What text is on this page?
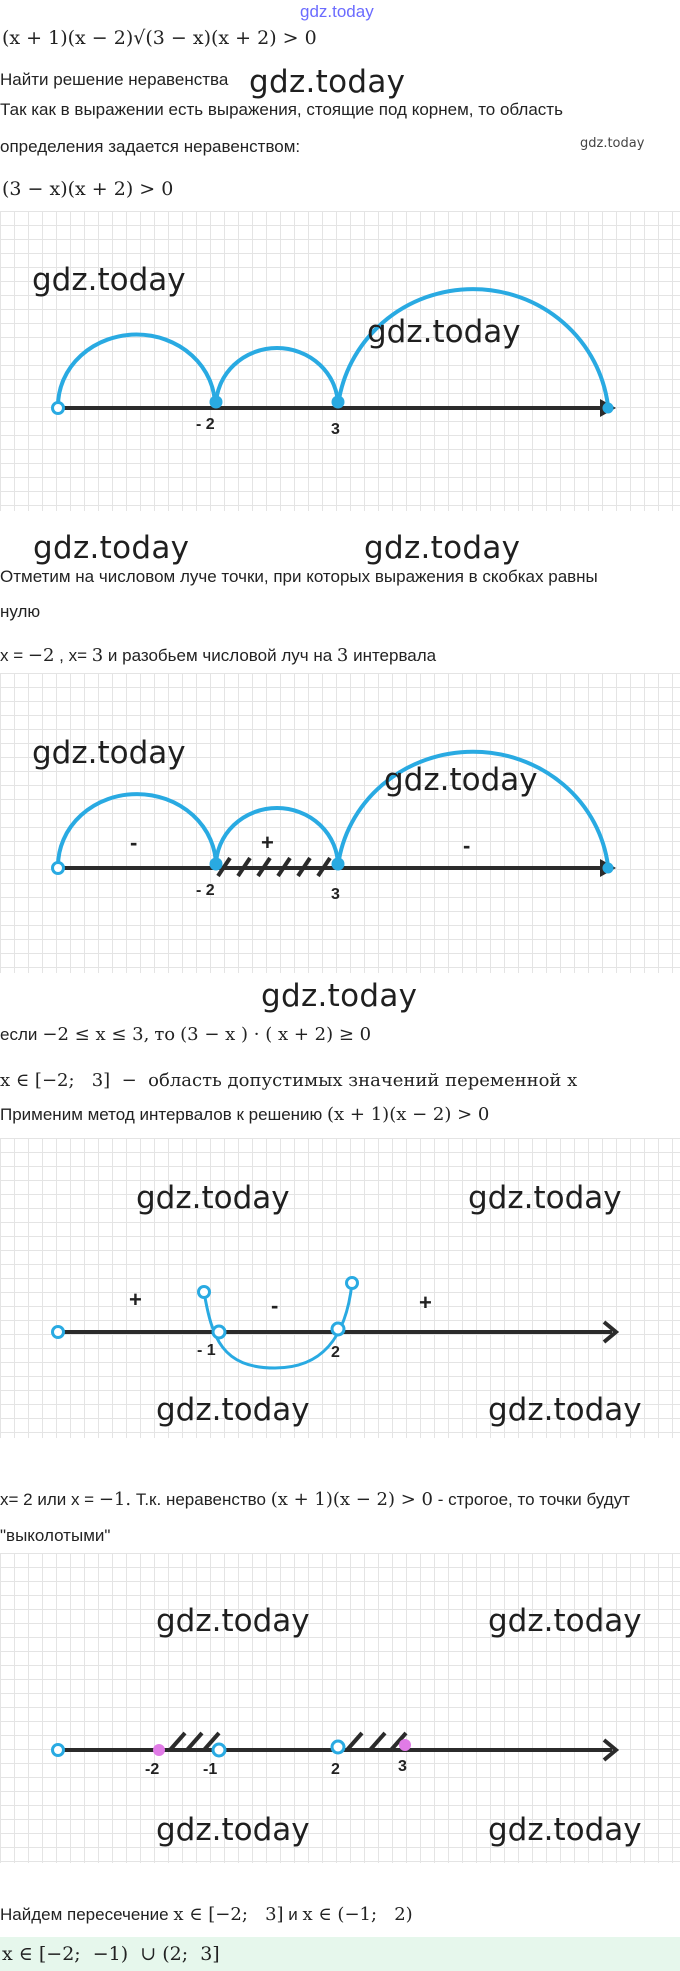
gdz.today
(x + 1)(x − 2)√(3 − x)(x + 2) > 0
Найти решение неравенства gdz.today
Так как в выражении есть выражения, стоящие под корнем, то область
определения задается неравенством:	gdz.today
(3 − x)(x + 2) > 0
- 2	3
gdz.today
gdz.today
gdz.today	gdz.today
Отметим на числовом луче точки, при которых выражения в скобках равны
нулю
x = −2 , x= 3 и разобьем числовой луч на 3 интервала
-	+	-
- 2	3
gdz.today
gdz.today
gdz.today
если −2 ≤ x ≤ 3, то (3 − x ) · ( x + 2) ≥ 0
x ∈ [−2;   3]  −  область допустимых значений переменной x
Применим метод интервалов к решению (x + 1)(x − 2) > 0
+	-	+
- 1	2
gdz.today	gdz.today
gdz.today	gdz.today
x= 2 или x = −1. Т.к. неравенство (x + 1)(x − 2) > 0 - строгое, то точки будут
"выколотыми"
-2	-1	2	3
gdz.today	gdz.today
gdz.today	gdz.today
Найдем пересечение x ∈ [−2;   3] и x ∈ (−1;   2)
x ∈ [−2;  −1)  ∪ (2;  3]
